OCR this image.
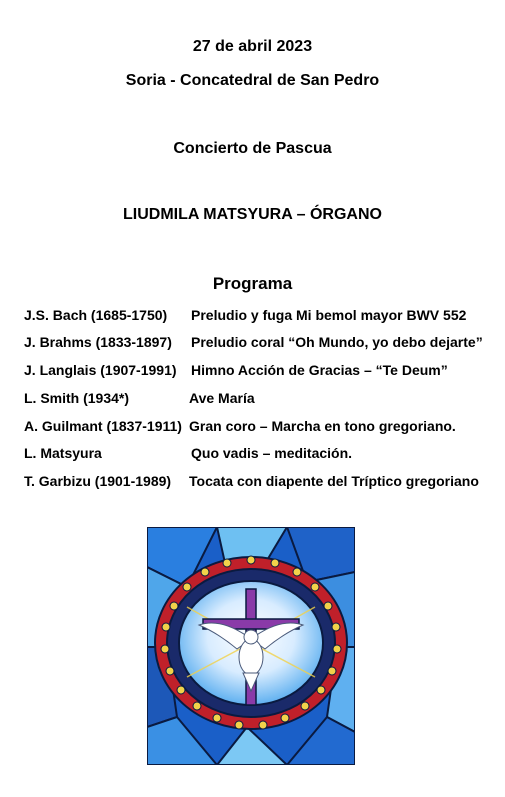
27 de abril 2023
Soria - Concatedral de San Pedro
Concierto de Pascua
LIUDMILA MATSYURA – ÓRGANO
Programa
J.S. Bach (1685-1750) Preludio y fuga Mi bemol mayor BWV 552
J. Brahms (1833-1897) Preludio coral “Oh Mundo, yo debo dejarte”
J. Langlais (1907-1991) Himno Acción de Gracias – “Te Deum”
L. Smith (1934*)	Ave María
A. Guilmant (1837-1911) Gran coro – Marcha en tono gregoriano.
L. Matsyura	Quo vadis – meditación.
T. Garbizu (1901-1989) Tocata con diapente del Tríptico gregoriano
